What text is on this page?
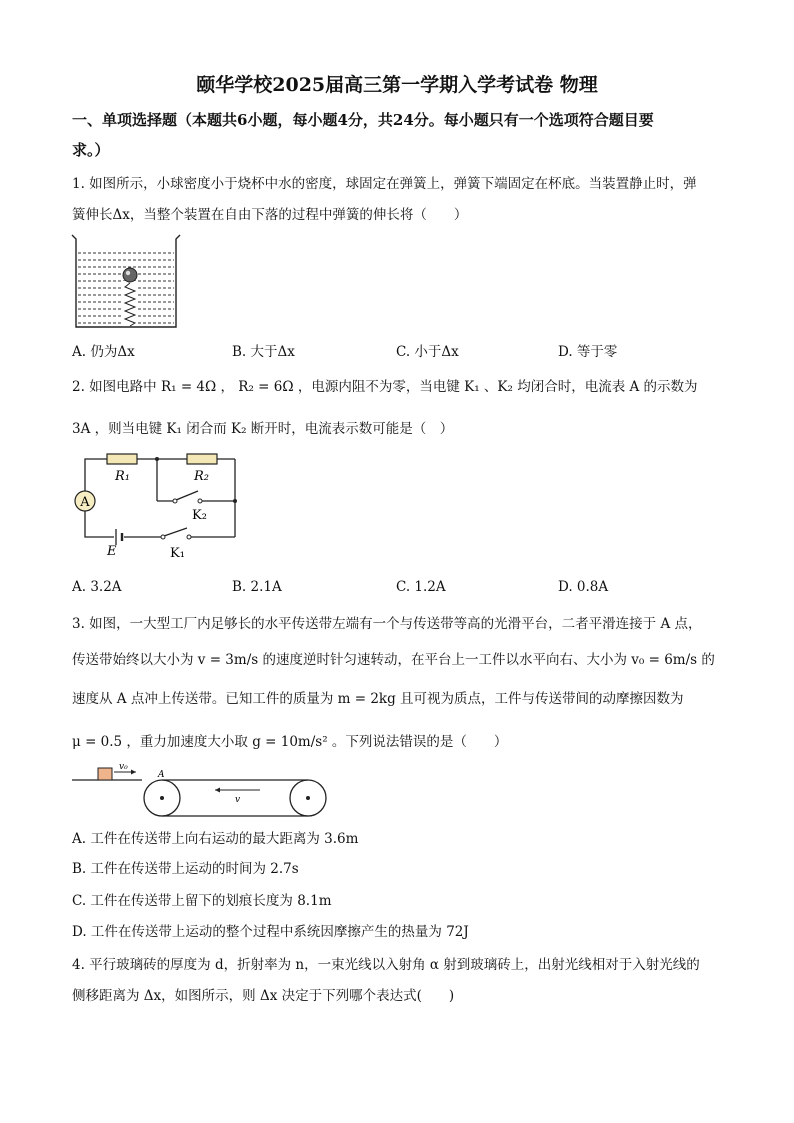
颐华学校2025届高三第一学期入学考试卷 物理
一、单项选择题（本题共6小题，每小题4分，共24分。每小题只有一个选项符合题目要
求。）
1. 如图所示，小球密度小于烧杯中水的密度，球固定在弹簧上，弹簧下端固定在杯底。当装置静止时，弹
簧伸长Δx，当整个装置在自由下落的过程中弹簧的伸长将（　　）
A. 仍为Δx	B. 大于Δx	C. 小于Δx	D. 等于零
2. 如图电路中 R₁ = 4Ω ， R₂ = 6Ω ，电源内阻不为零，当电键 K₁ 、K₂ 均闭合时，电流表 A 的示数为
3A ，则当电键 K₁ 闭合而 K₂ 断开时，电流表示数可能是（　）
A
R₁	R₂
K₂
K₁
E
A. 3.2A	B. 2.1A	C. 1.2A	D. 0.8A
3. 如图，一大型工厂内足够长的水平传送带左端有一个与传送带等高的光滑平台，二者平滑连接于 A 点，
传送带始终以大小为 v = 3m/s 的速度逆时针匀速转动，在平台上一工件以水平向右、大小为 v₀ = 6m/s 的
速度从 A 点冲上传送带。已知工件的质量为 m = 2kg 且可视为质点，工件与传送带间的动摩擦因数为
μ = 0.5 ，重力加速度大小取 g = 10m/s² 。下列说法错误的是（　　）
v₀
A
v
A. 工件在传送带上向右运动的最大距离为 3.6m
B. 工件在传送带上运动的时间为 2.7s
C. 工件在传送带上留下的划痕长度为 8.1m
D. 工件在传送带上运动的整个过程中系统因摩擦产生的热量为 72J
4. 平行玻璃砖的厚度为 d，折射率为 n，一束光线以入射角 α 射到玻璃砖上，出射光线相对于入射光线的
侧移距离为 Δx，如图所示，则 Δx 决定于下列哪个表达式(　　)
